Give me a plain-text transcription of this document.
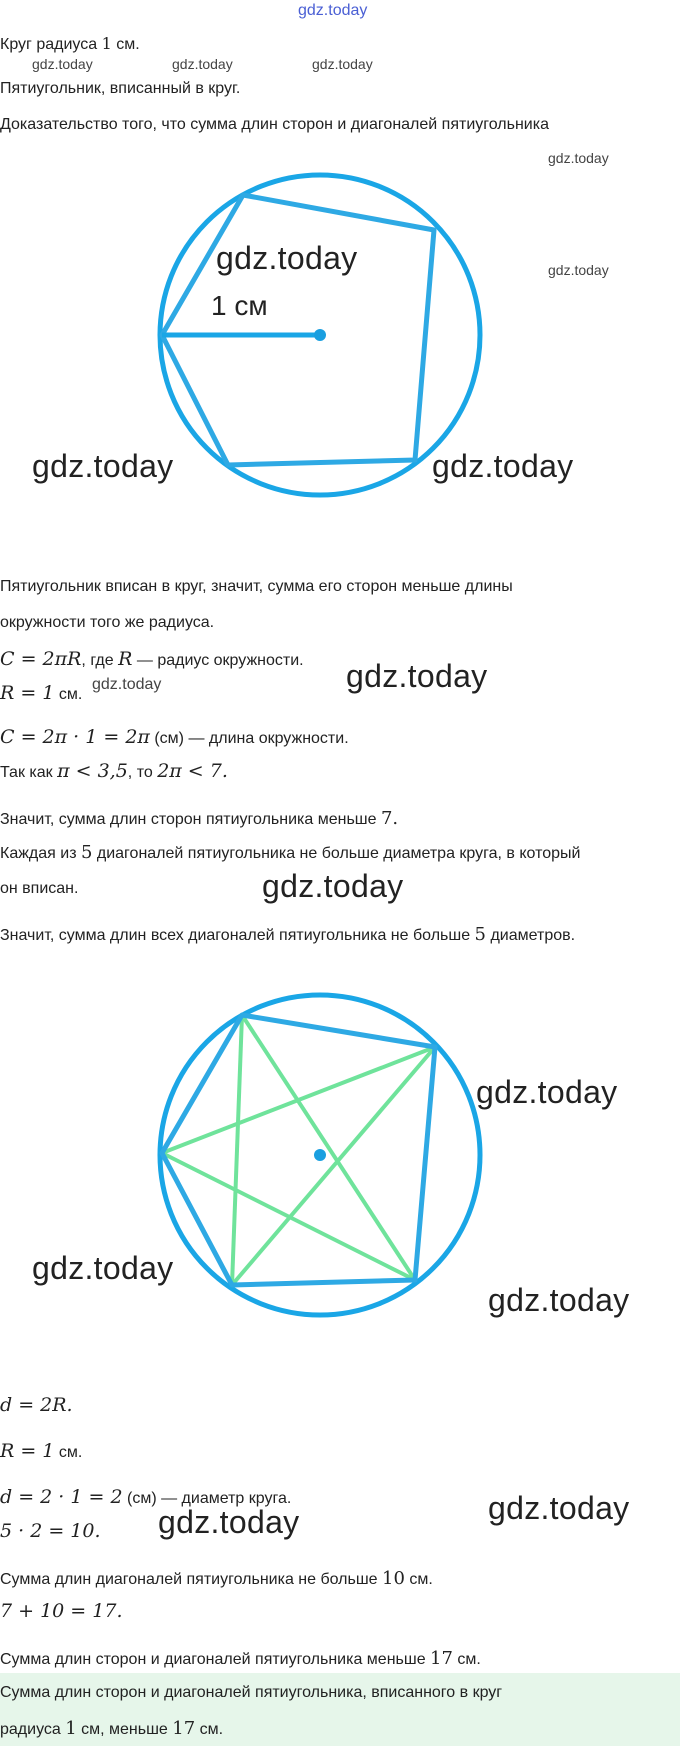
gdz.today
Круг радиуса 1 см.
gdz.today	gdz.today	gdz.today
Пятиугольник, вписанный в круг.
Доказательство того, что сумма длин сторон и диагоналей пятиугольника
gdz.today
gdz.today
1 см
gdz.today
gdz.today	gdz.today
Пятиугольник вписан в круг, значит, сумма его сторон меньше длины
окружности того же радиуса.
C = 2πR, где R — радиус окружности.
R = 1 см.
gdz.today	gdz.today
C = 2π · 1 = 2π (см) — длина окружности.
Так как π < 3,5, то 2π < 7.
Значит, сумма длин сторон пятиугольника меньше 7.
Каждая из 5 диагоналей пятиугольника не больше диаметра круга, в который
он вписан.	gdz.today
Значит, сумма длин всех диагоналей пятиугольника не больше 5 диаметров.
gdz.today
gdz.today
gdz.today
d = 2R.
R = 1 см.
d = 2 · 1 = 2 (см) — диаметр круга.
5 · 2 = 10. gdz.today	gdz.today
Сумма длин диагоналей пятиугольника не больше 10 см.
7 + 10 = 17.
Сумма длин сторон и диагоналей пятиугольника меньше 17 см.
Сумма длин сторон и диагоналей пятиугольника, вписанного в круг
радиуса 1 см, меньше 17 см.
